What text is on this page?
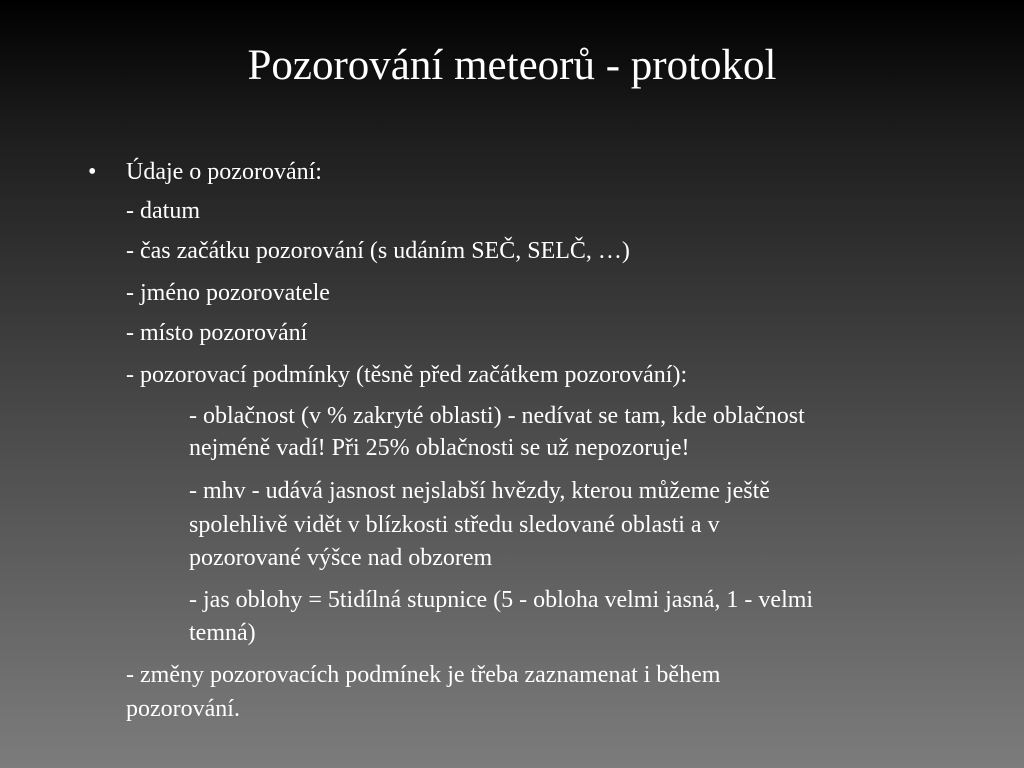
Pozorování meteorů - protokol
• Údaje o pozorování:
- datum
- čas začátku pozorování (s udáním SEČ, SELČ, …)
- jméno pozorovatele
- místo pozorování
- pozorovací podmínky (těsně před začátkem pozorování):
- oblačnost (v % zakryté oblasti) - nedívat se tam, kde oblačnost
nejméně vadí! Při 25% oblačnosti se už nepozoruje!
- mhv - udává jasnost nejslabší hvězdy, kterou můžeme ještě
spolehlivě vidět v blízkosti středu sledované oblasti a v
pozorované výšce nad obzorem
- jas oblohy = 5tidílná stupnice (5 - obloha velmi jasná, 1 - velmi
temná)
- změny pozorovacích podmínek je třeba zaznamenat i během
pozorování.
